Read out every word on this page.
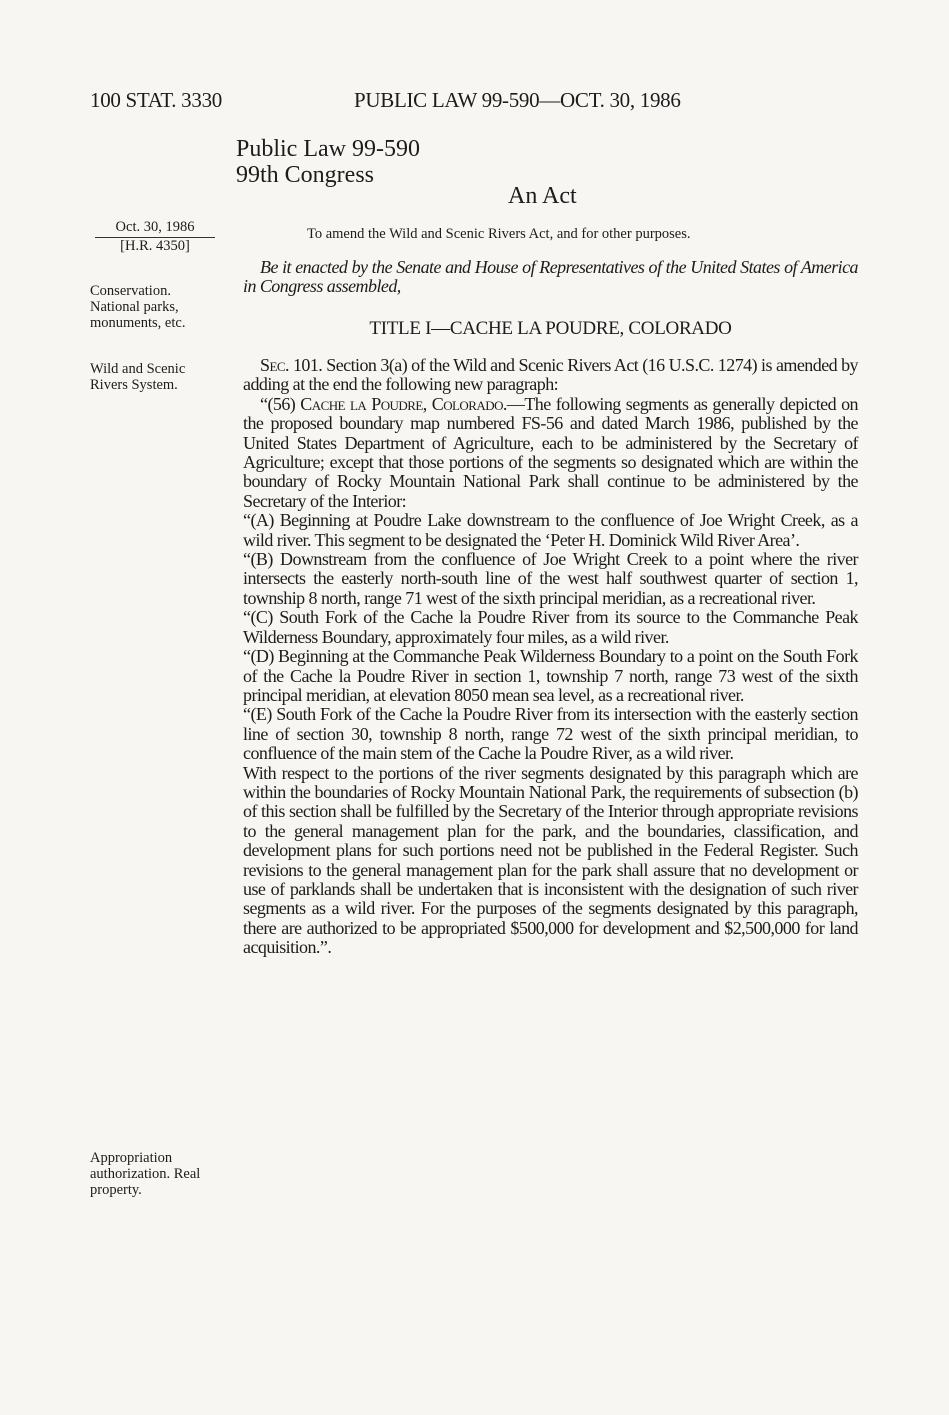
100 STAT. 3330	PUBLIC LAW 99-590—OCT. 30, 1986
Public Law 99-590
99th Congress
An Act
Oct. 30, 1986
[H.R. 4350]
To amend the Wild and Scenic Rivers Act, and for other purposes.
Conservation. National parks, monuments, etc.
Wild and Scenic Rivers System.
Appropriation authorization. Real property.
Be it enacted by the Senate and House of Representatives of the United States of America in Congress assembled,
TITLE I—CACHE LA POUDRE, COLORADO

Sec. 101. Section 3(a) of the Wild and Scenic Rivers Act (16 U.S.C. 1274) is amended by adding at the end the following new paragraph:

“(56) Cache la Poudre, Colorado.—The following segments as generally depicted on the proposed boundary map numbered FS-56 and dated March 1986, published by the United States Department of Agriculture, each to be administered by the Secretary of Agriculture; except that those portions of the segments so designated which are within the boundary of Rocky Mountain National Park shall continue to be administered by the Secretary of the Interior:

“(A) Beginning at Poudre Lake downstream to the confluence of Joe Wright Creek, as a wild river. This segment to be designated the ‘Peter H. Dominick Wild River Area’.

“(B) Downstream from the confluence of Joe Wright Creek to a point where the river intersects the easterly north-south line of the west half southwest quarter of section 1, township 8 north, range 71 west of the sixth principal meridian, as a recreational river.

“(C) South Fork of the Cache la Poudre River from its source to the Commanche Peak Wilderness Boundary, approximately four miles, as a wild river.

“(D) Beginning at the Commanche Peak Wilderness Boundary to a point on the South Fork of the Cache la Poudre River in section 1, township 7 north, range 73 west of the sixth principal meridian, at elevation 8050 mean sea level, as a recreational river.

“(E) South Fork of the Cache la Poudre River from its intersection with the easterly section line of section 30, township 8 north, range 72 west of the sixth principal meridian, to confluence of the main stem of the Cache la Poudre River, as a wild river.

With respect to the portions of the river segments designated by this paragraph which are within the boundaries of Rocky Mountain National Park, the requirements of subsection (b) of this section shall be fulfilled by the Secretary of the Interior through appropriate revisions to the general management plan for the park, and the boundaries, classification, and development plans for such portions need not be published in the Federal Register. Such revisions to the general management plan for the park shall assure that no development or use of parklands shall be undertaken that is inconsistent with the designation of such river segments as a wild river. For the purposes of the segments designated by this paragraph, there are authorized to be appropriated $500,000 for development and $2,500,000 for land acquisition.”.
